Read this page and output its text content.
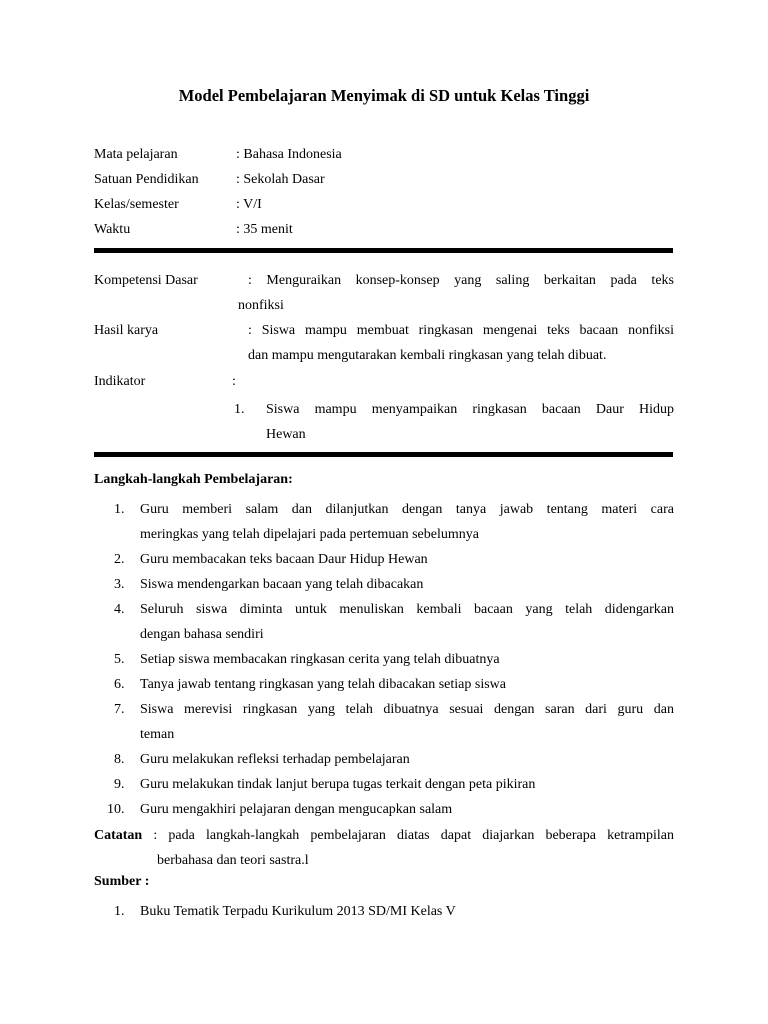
Model Pembelajaran Menyimak di SD untuk Kelas Tinggi
Mata pelajaran	: Bahasa Indonesia
Satuan Pendidikan	: Sekolah Dasar
Kelas/semester	: V/I
Waktu	: 35 menit
Kompetensi Dasar	: Menguraikan konsep-konsep yang saling berkaitan pada teks
nonfiksi
Hasil karya	: Siswa mampu membuat ringkasan mengenai teks bacaan nonfiksi
dan mampu mengutarakan kembali ringkasan yang telah dibuat.
Indikator	:
1. Siswa mampu menyampaikan ringkasan bacaan Daur Hidup
Hewan
Langkah-langkah Pembelajaran:
1.	Guru memberi salam dan dilanjutkan dengan tanya jawab tentang materi cara
meringkas yang telah dipelajari pada pertemuan sebelumnya
2.	Guru membacakan teks bacaan Daur Hidup Hewan
3.	Siswa mendengarkan bacaan yang telah dibacakan
4.	Seluruh siswa diminta untuk menuliskan kembali bacaan yang telah didengarkan
dengan bahasa sendiri
5.	Setiap siswa membacakan ringkasan cerita yang telah dibuatnya
6.	Tanya jawab tentang ringkasan yang telah dibacakan setiap siswa
7.	Siswa merevisi ringkasan yang telah dibuatnya sesuai dengan saran dari guru dan
teman
8.	Guru melakukan refleksi terhadap pembelajaran
9.	Guru melakukan tindak lanjut berupa tugas terkait dengan peta pikiran
10.	Guru mengakhiri pelajaran dengan mengucapkan salam
Catatan : pada langkah-langkah pembelajaran diatas dapat diajarkan beberapa ketrampilan
berbahasa dan teori sastra.l
Sumber :
1.	Buku Tematik Terpadu Kurikulum 2013 SD/MI Kelas V
